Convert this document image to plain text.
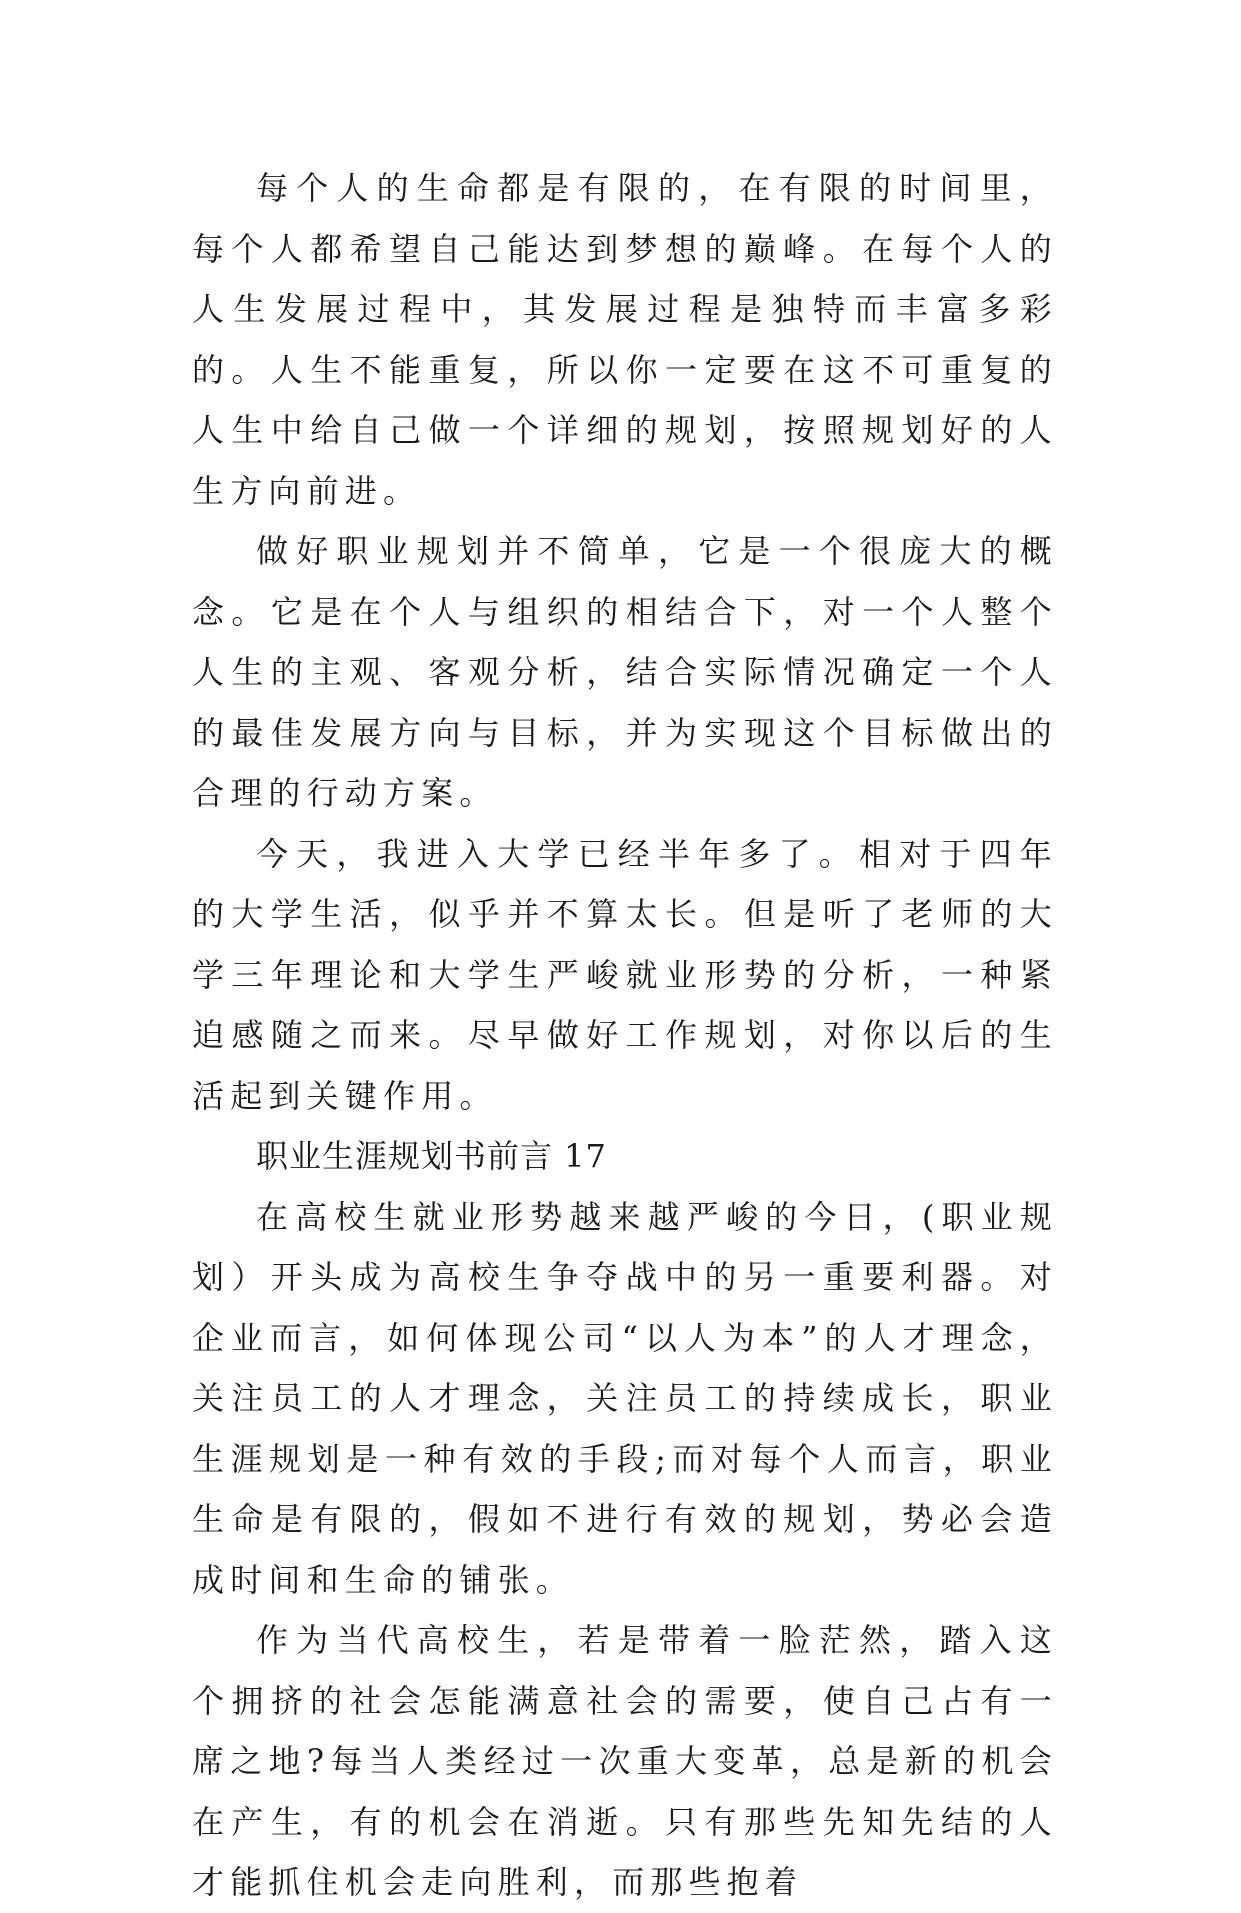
每个人的生命都是有限的，在有限的时间里，每个人都希望自己能达到梦想的巅峰。在每个人的人生发展过程中，其发展过程是独特而丰富多彩的。人生不能重复，所以你一定要在这不可重复的人生中给自己做一个详细的规划，按照规划好的人生方向前进。

做好职业规划并不简单，它是一个很庞大的概念。它是在个人与组织的相结合下，对一个人整个人生的主观、客观分析，结合实际情况确定一个人的最佳发展方向与目标，并为实现这个目标做出的合理的行动方案。

今天，我进入大学已经半年多了。相对于四年的大学生活，似乎并不算太长。但是听了老师的大学三年理论和大学生严峻就业形势的分析，一种紧迫感随之而来。尽早做好工作规划，对你以后的生活起到关键作用。

职业生涯规划书前言 17

在高校生就业形势越来越严峻的今日，(职业规划）开头成为高校生争夺战中的另一重要利器。对企业而言，如何体现公司“以人为本”的人才理念，关注员工的人才理念，关注员工的持续成长，职业生涯规划是一种有效的手段;而对每个人而言，职业生命是有限的，假如不进行有效的规划，势必会造成时间和生命的铺张。

作为当代高校生，若是带着一脸茫然，踏入这个拥挤的社会怎能满意社会的需要，使自己占有一席之地?每当人类经过一次重大变革，总是新的机会在产生，有的机会在消逝。只有那些先知先结的人才能抓住机会走向胜利，而那些抱着
